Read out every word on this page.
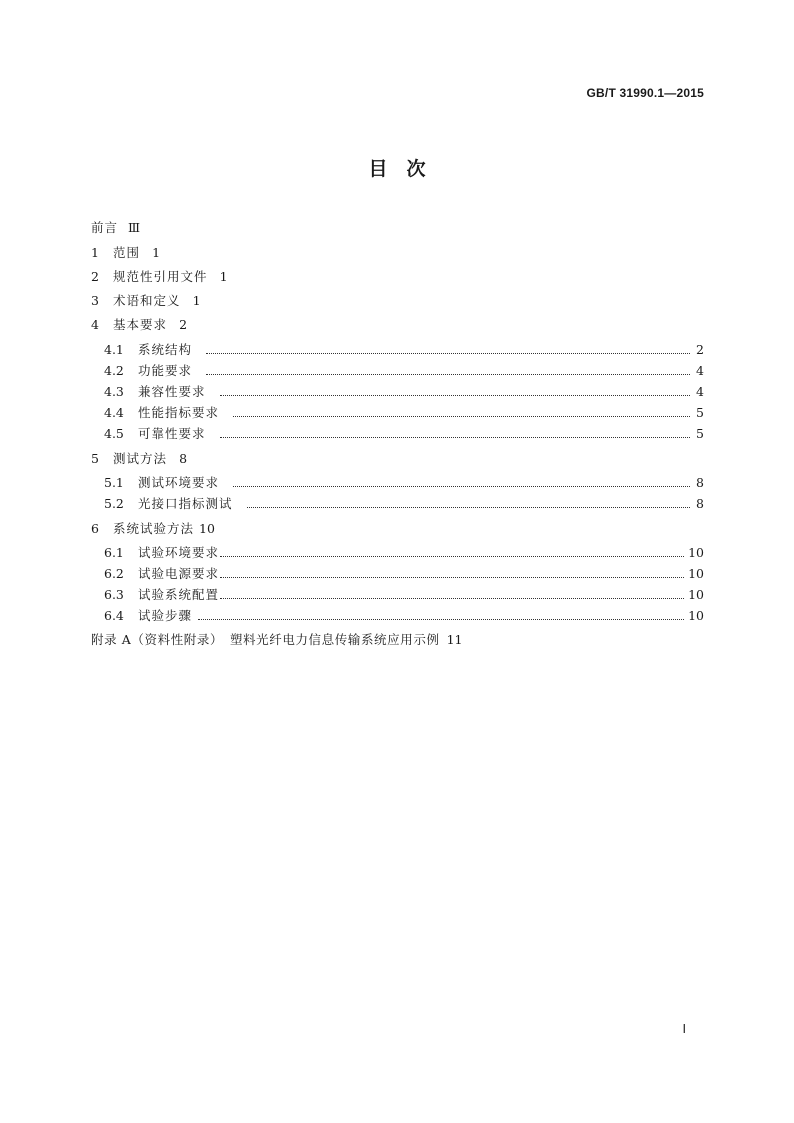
GB/T 31990.1—2015
目　次
前言 Ⅲ
1	范围 1
2	规范性引用文件 1
3	术语和定义 1
4	基本要求 2
4.1	系统结构	2
4.2	功能要求	4
4.3	兼容性要求	4
4.4	性能指标要求	5
4.5	可靠性要求	5
5	测试方法 8
5.1	测试环境要求	8
5.2	光接口指标测试	8
6	系统试验方法 10
6.1	试验环境要求	10
6.2	试验电源要求	10
6.3	试验系统配置	10
6.4	试验步骤	10
附录 A（资料性附录）　塑料光纤电力信息传输系统应用示例 11
Ⅰ
